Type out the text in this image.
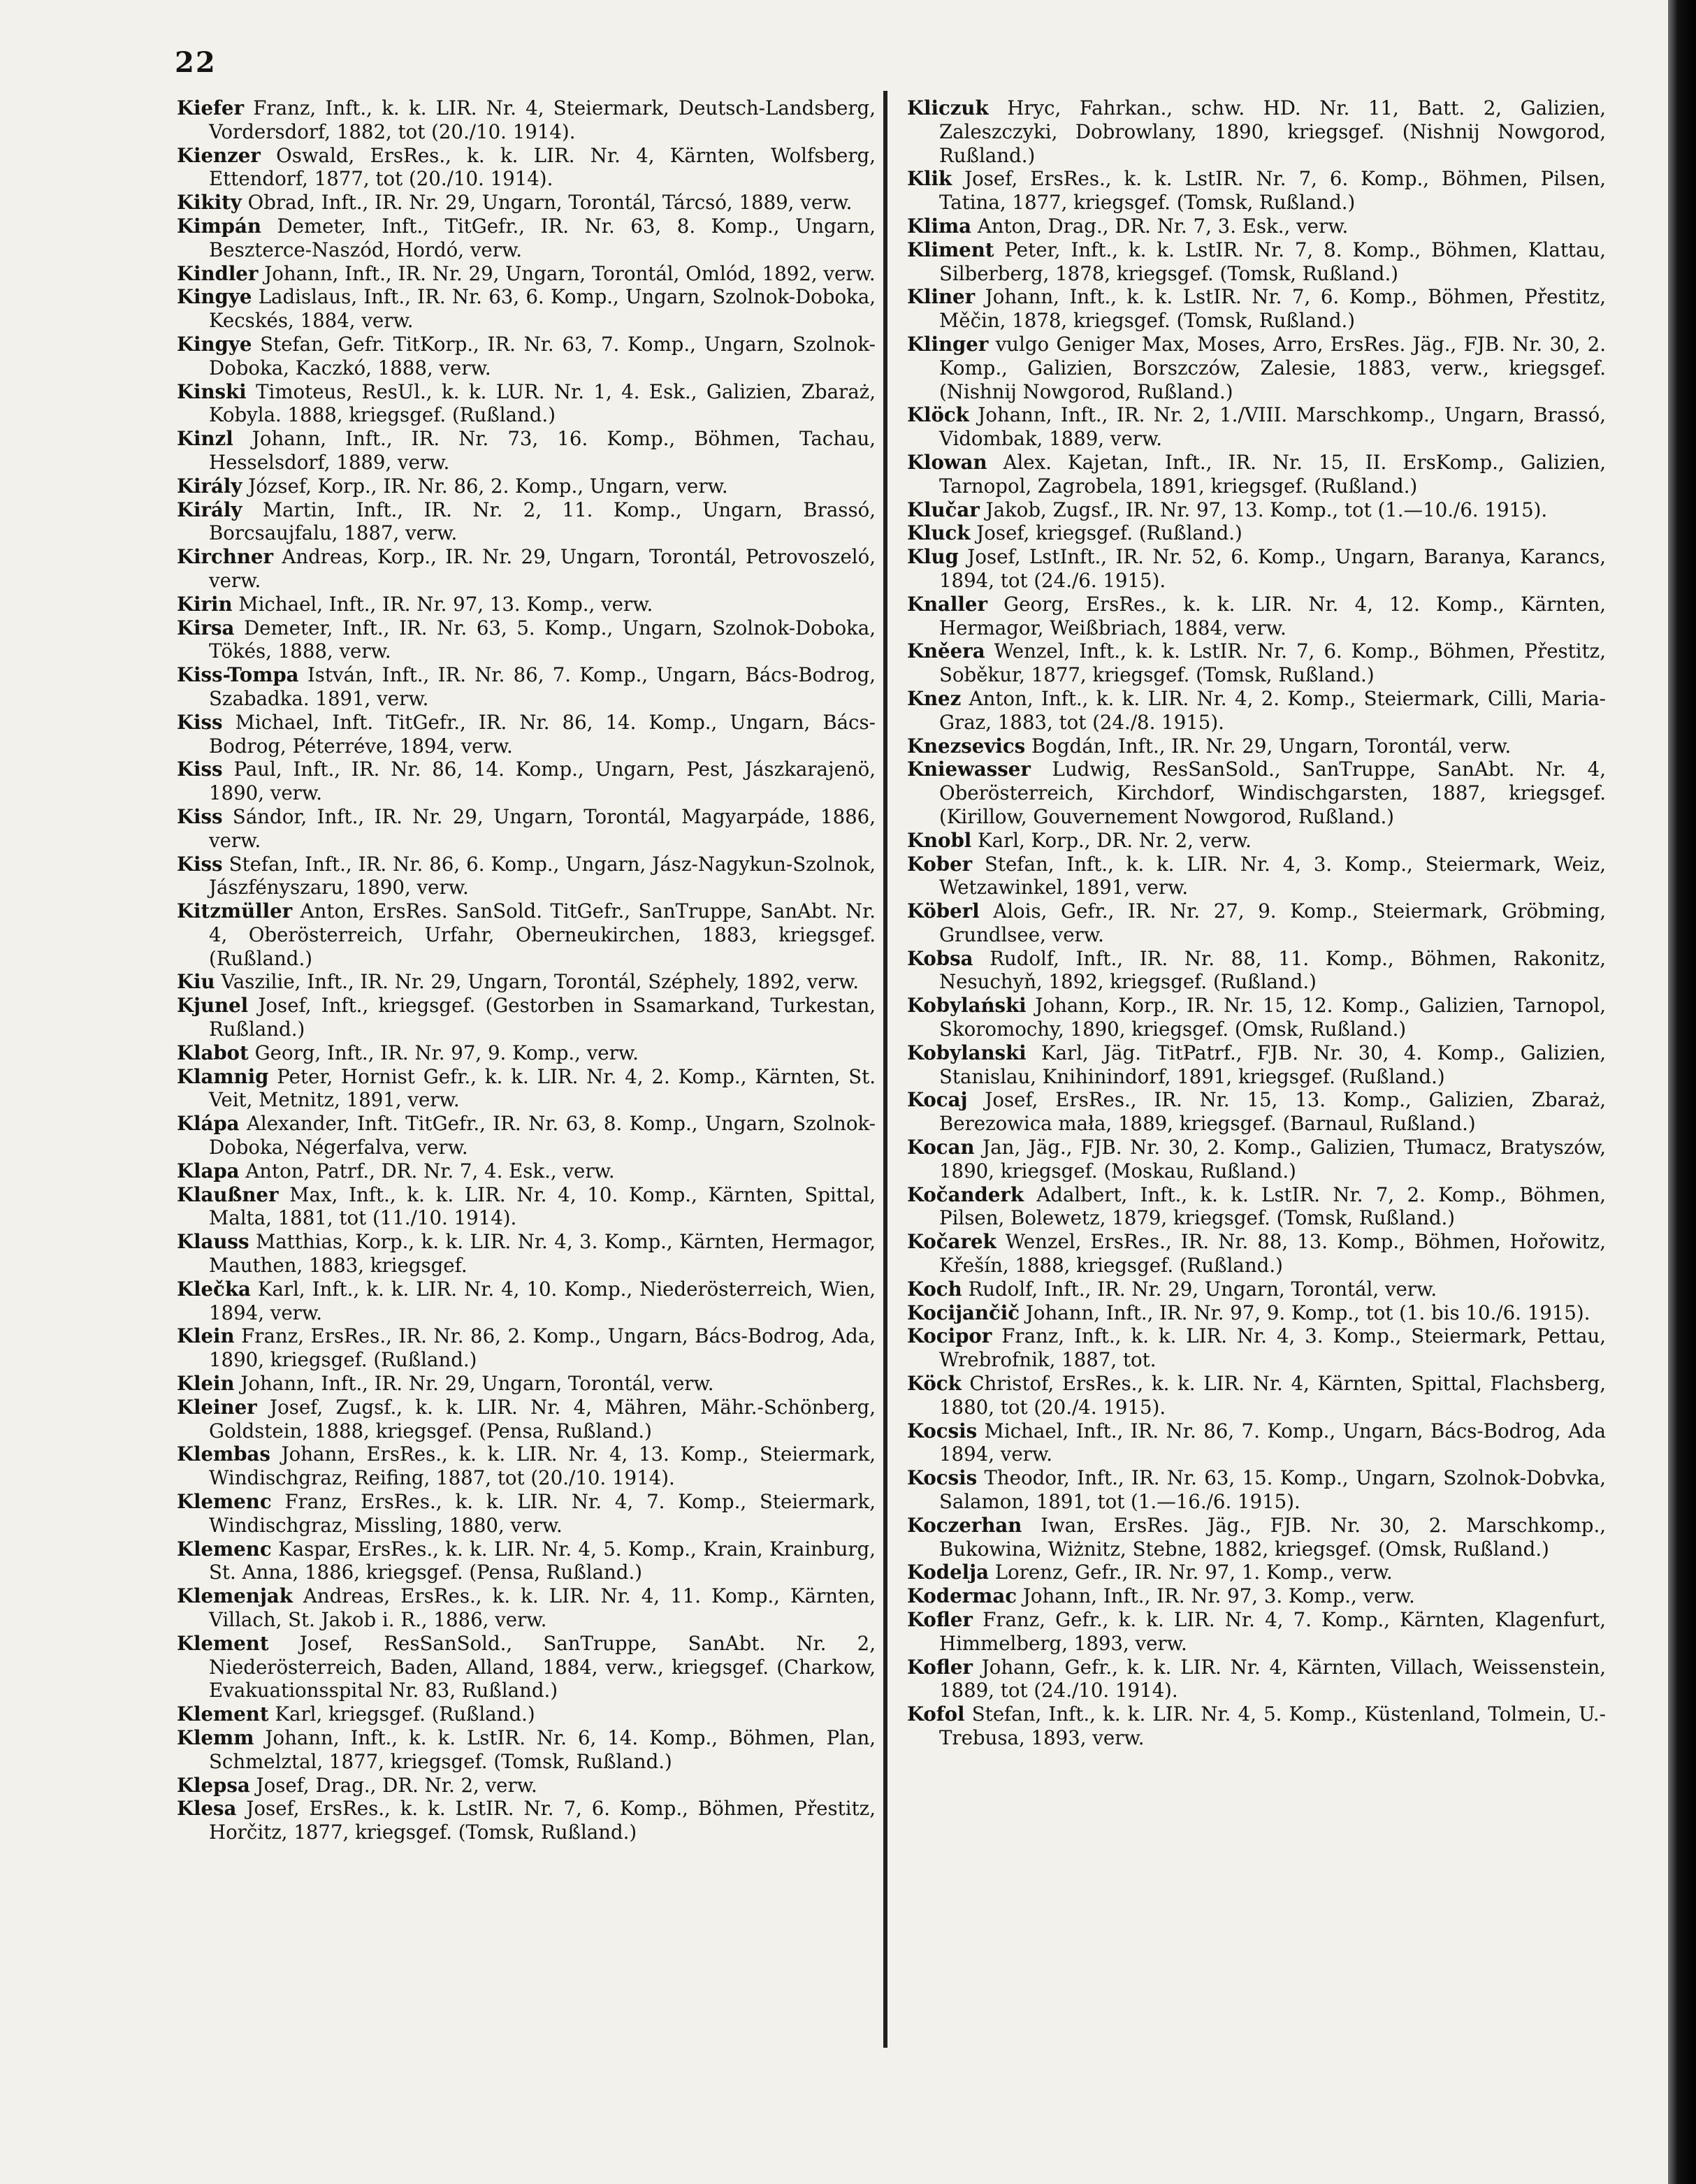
22

Kiefer Franz, Inft., k. k. LIR. Nr. 4, Steiermark, Deutsch-Landsberg, Vordersdorf, 1882, tot (20./10. 1914).

Kienzer Oswald, ErsRes., k. k. LIR. Nr. 4, Kärnten, Wolfsberg, Ettendorf, 1877, tot (20./10. 1914).

Kikity Obrad, Inft., IR. Nr. 29, Ungarn, Torontál, Tárcsó, 1889, verw.

Kimpán Demeter, Inft., TitGefr., IR. Nr. 63, 8. Komp., Ungarn, Beszterce-Naszód, Hordó, verw.

Kindler Johann, Inft., IR. Nr. 29, Ungarn, Torontál, Omlód, 1892, verw.

Kingye Ladislaus, Inft., IR. Nr. 63, 6. Komp., Ungarn, Szolnok-Doboka, Kecskés, 1884, verw.

Kingye Stefan, Gefr. TitKorp., IR. Nr. 63, 7. Komp., Ungarn, Szolnok-Doboka, Kaczkó, 1888, verw.

Kinski Timoteus, ResUl., k. k. LUR. Nr. 1, 4. Esk., Galizien, Zbaraż, Kobyla. 1888, kriegsgef. (Rußland.)

Kinzl Johann, Inft., IR. Nr. 73, 16. Komp., Böhmen, Tachau, Hesselsdorf, 1889, verw.

Király József, Korp., IR. Nr. 86, 2. Komp., Ungarn, verw.

Király Martin, Inft., IR. Nr. 2, 11. Komp., Ungarn, Brassó, Borcsaujfalu, 1887, verw.

Kirchner Andreas, Korp., IR. Nr. 29, Ungarn, Torontál, Petrovoszeló, verw.

Kirin Michael, Inft., IR. Nr. 97, 13. Komp., verw.

Kirsa Demeter, Inft., IR. Nr. 63, 5. Komp., Ungarn, Szolnok-Doboka, Tökés, 1888, verw.

Kiss-Tompa István, Inft., IR. Nr. 86, 7. Komp., Ungarn, Bács-Bodrog, Szabadka. 1891, verw.

Kiss Michael, Inft. TitGefr., IR. Nr. 86, 14. Komp., Ungarn, Bács-Bodrog, Péterréve, 1894, verw.

Kiss Paul, Inft., IR. Nr. 86, 14. Komp., Ungarn, Pest, Jászkarajenö, 1890, verw.

Kiss Sándor, Inft., IR. Nr. 29, Ungarn, Torontál, Magyarpáde, 1886, verw.

Kiss Stefan, Inft., IR. Nr. 86, 6. Komp., Ungarn, Jász-Nagykun-Szolnok, Jászfényszaru, 1890, verw.

Kitzmüller Anton, ErsRes. SanSold. TitGefr., SanTruppe, SanAbt. Nr. 4, Oberösterreich, Urfahr, Oberneukirchen, 1883, kriegsgef. (Rußland.)

Kiu Vaszilie, Inft., IR. Nr. 29, Ungarn, Torontál, Széphely, 1892, verw.

Kjunel Josef, Inft., kriegsgef. (Gestorben in Ssamarkand, Turkestan, Rußland.)

Klabot Georg, Inft., IR. Nr. 97, 9. Komp., verw.

Klamnig Peter, Hornist Gefr., k. k. LIR. Nr. 4, 2. Komp., Kärnten, St. Veit, Metnitz, 1891, verw.

Klápa Alexander, Inft. TitGefr., IR. Nr. 63, 8. Komp., Ungarn, Szolnok-Doboka, Négerfalva, verw.

Klapa Anton, Patrf., DR. Nr. 7, 4. Esk., verw.

Klaußner Max, Inft., k. k. LIR. Nr. 4, 10. Komp., Kärnten, Spittal, Malta, 1881, tot (11./10. 1914).

Klauss Matthias, Korp., k. k. LIR. Nr. 4, 3. Komp., Kärnten, Hermagor, Mauthen, 1883, kriegsgef.

Klečka Karl, Inft., k. k. LIR. Nr. 4, 10. Komp., Niederösterreich, Wien, 1894, verw.

Klein Franz, ErsRes., IR. Nr. 86, 2. Komp., Ungarn, Bács-Bodrog, Ada, 1890, kriegsgef. (Rußland.)

Klein Johann, Inft., IR. Nr. 29, Ungarn, Torontál, verw.

Kleiner Josef, Zugsf., k. k. LIR. Nr. 4, Mähren, Mähr.-Schönberg, Goldstein, 1888, kriegsgef. (Pensa, Rußland.)

Klembas Johann, ErsRes., k. k. LIR. Nr. 4, 13. Komp., Steiermark, Windischgraz, Reifing, 1887, tot (20./10. 1914).

Klemenc Franz, ErsRes., k. k. LIR. Nr. 4, 7. Komp., Steiermark, Windischgraz, Missling, 1880, verw.

Klemenc Kaspar, ErsRes., k. k. LIR. Nr. 4, 5. Komp., Krain, Krainburg, St. Anna, 1886, kriegsgef. (Pensa, Rußland.)

Klemenjak Andreas, ErsRes., k. k. LIR. Nr. 4, 11. Komp., Kärnten, Villach, St. Jakob i. R., 1886, verw.

Klement Josef, ResSanSold., SanTruppe, SanAbt. Nr. 2, Niederösterreich, Baden, Alland, 1884, verw., kriegsgef. (Charkow, Evakuationsspital Nr. 83, Rußland.)

Klement Karl, kriegsgef. (Rußland.)

Klemm Johann, Inft., k. k. LstIR. Nr. 6, 14. Komp., Böhmen, Plan, Schmelztal, 1877, kriegsgef. (Tomsk, Rußland.)

Klepsa Josef, Drag., DR. Nr. 2, verw.

Klesa Josef, ErsRes., k. k. LstIR. Nr. 7, 6. Komp., Böhmen, Přestitz, Horčitz, 1877, kriegsgef. (Tomsk, Rußland.)

Kliczuk Hryc, Fahrkan., schw. HD. Nr. 11, Batt. 2, Galizien, Zaleszczyki, Dobrowlany, 1890, kriegsgef. (Nishnij Nowgorod, Rußland.)

Klik Josef, ErsRes., k. k. LstIR. Nr. 7, 6. Komp., Böhmen, Pilsen, Tatina, 1877, kriegsgef. (Tomsk, Rußland.)

Klima Anton, Drag., DR. Nr. 7, 3. Esk., verw.

Kliment Peter, Inft., k. k. LstIR. Nr. 7, 8. Komp., Böhmen, Klattau, Silberberg, 1878, kriegsgef. (Tomsk, Rußland.)

Kliner Johann, Inft., k. k. LstIR. Nr. 7, 6. Komp., Böhmen, Přestitz, Měčin, 1878, kriegsgef. (Tomsk, Rußland.)

Klinger vulgo Geniger Max, Moses, Arro, ErsRes. Jäg., FJB. Nr. 30, 2. Komp., Galizien, Borszczów, Zalesie, 1883, verw., kriegsgef. (Nishnij Nowgorod, Rußland.)

Klöck Johann, Inft., IR. Nr. 2, 1./VIII. Marschkomp., Ungarn, Brassó, Vidombak, 1889, verw.

Klowan Alex. Kajetan, Inft., IR. Nr. 15, II. ErsKomp., Galizien, Tarnopol, Zagrobela, 1891, kriegsgef. (Rußland.)

Klučar Jakob, Zugsf., IR. Nr. 97, 13. Komp., tot (1.—10./6. 1915).

Kluck Josef, kriegsgef. (Rußland.)

Klug Josef, LstInft., IR. Nr. 52, 6. Komp., Ungarn, Baranya, Karancs, 1894, tot (24./6. 1915).

Knaller Georg, ErsRes., k. k. LIR. Nr. 4, 12. Komp., Kärnten, Hermagor, Weißbriach, 1884, verw.

Kněera Wenzel, Inft., k. k. LstIR. Nr. 7, 6. Komp., Böhmen, Přestitz, Soběkur, 1877, kriegsgef. (Tomsk, Rußland.)

Knez Anton, Inft., k. k. LIR. Nr. 4, 2. Komp., Steiermark, Cilli, Maria-Graz, 1883, tot (24./8. 1915).

Knezsevics Bogdán, Inft., IR. Nr. 29, Ungarn, Torontál, verw.

Kniewasser Ludwig, ResSanSold., SanTruppe, SanAbt. Nr. 4, Oberösterreich, Kirchdorf, Windischgarsten, 1887, kriegsgef. (Kirillow, Gouvernement Nowgorod, Rußland.)

Knobl Karl, Korp., DR. Nr. 2, verw.

Kober Stefan, Inft., k. k. LIR. Nr. 4, 3. Komp., Steiermark, Weiz, Wetzawinkel, 1891, verw.

Köberl Alois, Gefr., IR. Nr. 27, 9. Komp., Steiermark, Gröbming, Grundlsee, verw.

Kobsa Rudolf, Inft., IR. Nr. 88, 11. Komp., Böhmen, Rakonitz, Nesuchyň, 1892, kriegsgef. (Rußland.)

Kobylański Johann, Korp., IR. Nr. 15, 12. Komp., Galizien, Tarnopol, Skoromochy, 1890, kriegsgef. (Omsk, Rußland.)

Kobylanski Karl, Jäg. TitPatrf., FJB. Nr. 30, 4. Komp., Galizien, Stanislau, Knihinindorf, 1891, kriegsgef. (Rußland.)

Kocaj Josef, ErsRes., IR. Nr. 15, 13. Komp., Galizien, Zbaraż, Berezowica mała, 1889, kriegsgef. (Barnaul, Rußland.)

Kocan Jan, Jäg., FJB. Nr. 30, 2. Komp., Galizien, Tłumacz, Bratyszów, 1890, kriegsgef. (Moskau, Rußland.)

Kočanderk Adalbert, Inft., k. k. LstIR. Nr. 7, 2. Komp., Böhmen, Pilsen, Bolewetz, 1879, kriegsgef. (Tomsk, Rußland.)

Kočarek Wenzel, ErsRes., IR. Nr. 88, 13. Komp., Böhmen, Hořowitz, Křešín, 1888, kriegsgef. (Rußland.)

Koch Rudolf, Inft., IR. Nr. 29, Ungarn, Torontál, verw.

Kocijančič Johann, Inft., IR. Nr. 97, 9. Komp., tot (1. bis 10./6. 1915).

Kocipor Franz, Inft., k. k. LIR. Nr. 4, 3. Komp., Steiermark, Pettau, Wrebrofnik, 1887, tot.

Köck Christof, ErsRes., k. k. LIR. Nr. 4, Kärnten, Spittal, Flachsberg, 1880, tot (20./4. 1915).

Kocsis Michael, Inft., IR. Nr. 86, 7. Komp., Ungarn, Bács-Bodrog, Ada 1894, verw.

Kocsis Theodor, Inft., IR. Nr. 63, 15. Komp., Ungarn, Szolnok-Dobvka, Salamon, 1891, tot (1.—16./6. 1915).

Koczerhan Iwan, ErsRes. Jäg., FJB. Nr. 30, 2. Marschkomp., Bukowina, Wiżnitz, Stebne, 1882, kriegsgef. (Omsk, Rußland.)

Kodelja Lorenz, Gefr., IR. Nr. 97, 1. Komp., verw.

Kodermac Johann, Inft., IR. Nr. 97, 3. Komp., verw.

Kofler Franz, Gefr., k. k. LIR. Nr. 4, 7. Komp., Kärnten, Klagenfurt, Himmelberg, 1893, verw.

Kofler Johann, Gefr., k. k. LIR. Nr. 4, Kärnten, Villach, Weissenstein, 1889, tot (24./10. 1914).

Kofol Stefan, Inft., k. k. LIR. Nr. 4, 5. Komp., Küstenland, Tolmein, U.-Trebusa, 1893, verw.
